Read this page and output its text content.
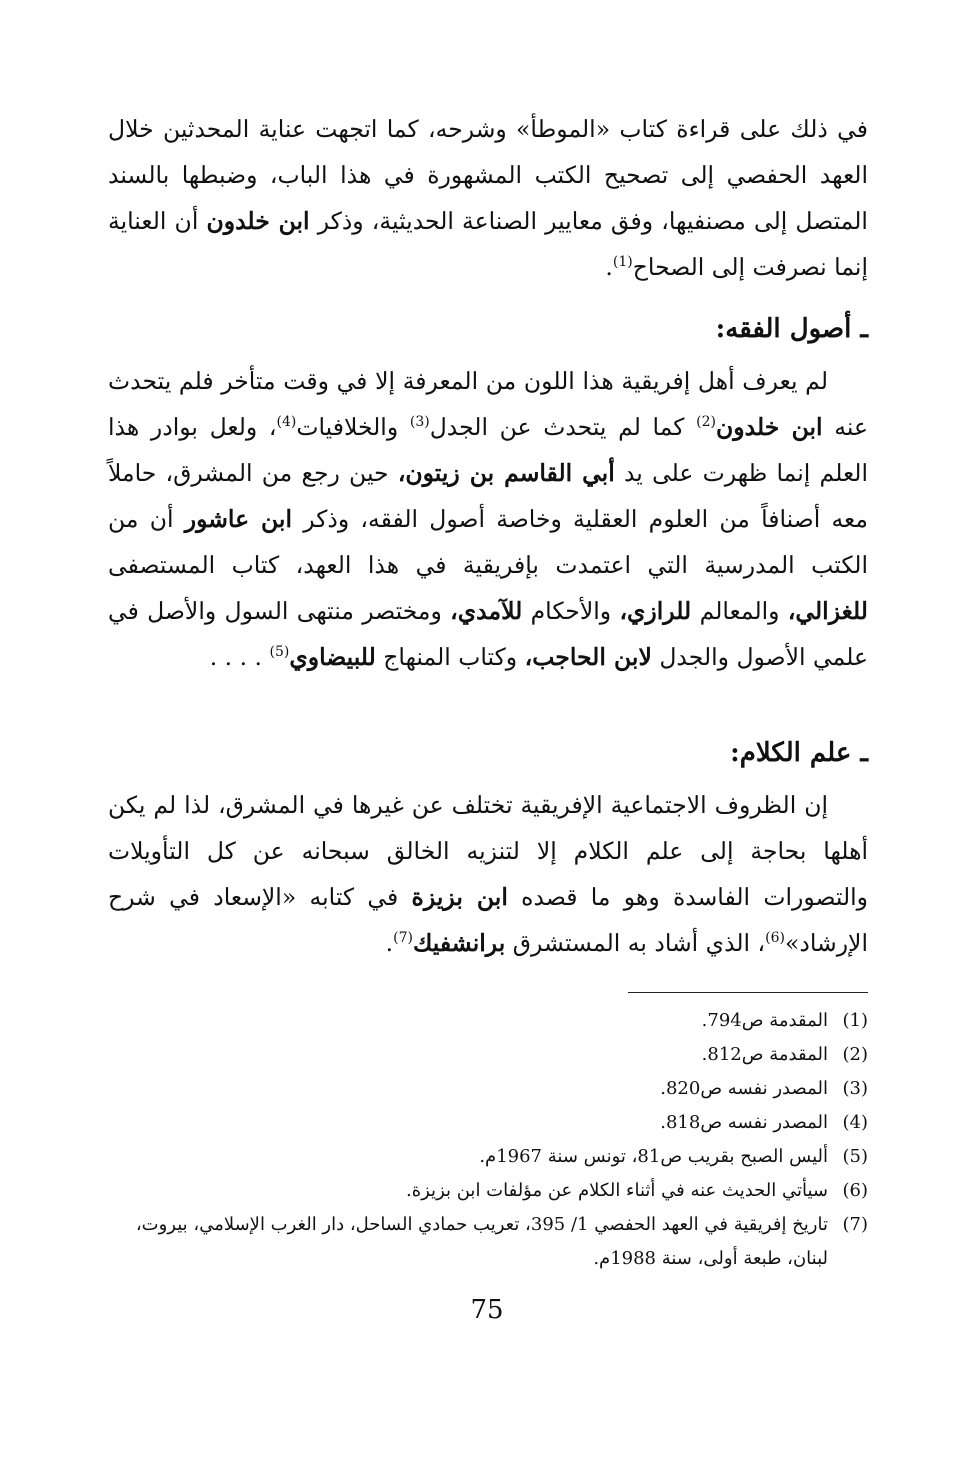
في ذلك على قراءة كتاب «الموطأ» وشرحه، كما اتجهت عناية المحدثين خلال العهد الحفصي إلى تصحيح الكتب المشهورة في هذا الباب، وضبطها بالسند المتصل إلى مصنفيها، وفق معايير الصناعة الحديثية، وذكر ابن خلدون أن العناية إنما نصرفت إلى الصحاح$^{(1)}$.

ـ أصول الفقه:

لم يعرف أهل إفريقية هذا اللون من المعرفة إلا في وقت متأخر فلم يتحدث عنه ابن خلدون$^{(2)}$ كما لم يتحدث عن الجدل$^{(3)}$ والخلافيات$^{(4)}$، ولعل بوادر هذا العلم إنما ظهرت على يد أبي القاسم بن زيتون، حين رجع من المشرق، حاملاً معه أصنافاً من العلوم العقلية وخاصة أصول الفقه، وذكر ابن عاشور أن من الكتب المدرسية التي اعتمدت بإفريقية في هذا العهد، كتاب المستصفى للغزالي، والمعالم للرازي، والأحكام للآمدي، ومختصر منتهى السول والأصل في علمي الأصول والجدل لابن الحاجب، وكتاب المنهاج للبيضاوي$^{(5)}$ . . . .

ـ علم الكلام:

إن الظروف الاجتماعية الإفريقية تختلف عن غيرها في المشرق، لذا لم يكن أهلها بحاجة إلى علم الكلام إلا لتنزيه الخالق سبحانه عن كل التأويلات والتصورات الفاسدة وهو ما قصده ابن بزيزة في كتابه «الإسعاد في شرح الإرشاد»$^{(6)}$، الذي أشاد به المستشرق برانشفيك$^{(7)}$.

(1)
المقدمة ص794.
(2)
المقدمة ص812.
(3)
المصدر نفسه ص820.
(4)
المصدر نفسه ص818.
(5)
أليس الصبح بقريب ص81، تونس سنة 1967م.
(6)
سيأتي الحديث عنه في أثناء الكلام عن مؤلفات ابن بزيزة.
(7)
تاريخ إفريقية في العهد الحفصي 1/ 395، تعريب حمادي الساحل، دار الغرب الإسلامي، بيروت، لبنان، طبعة أولى، سنة 1988م.
75
